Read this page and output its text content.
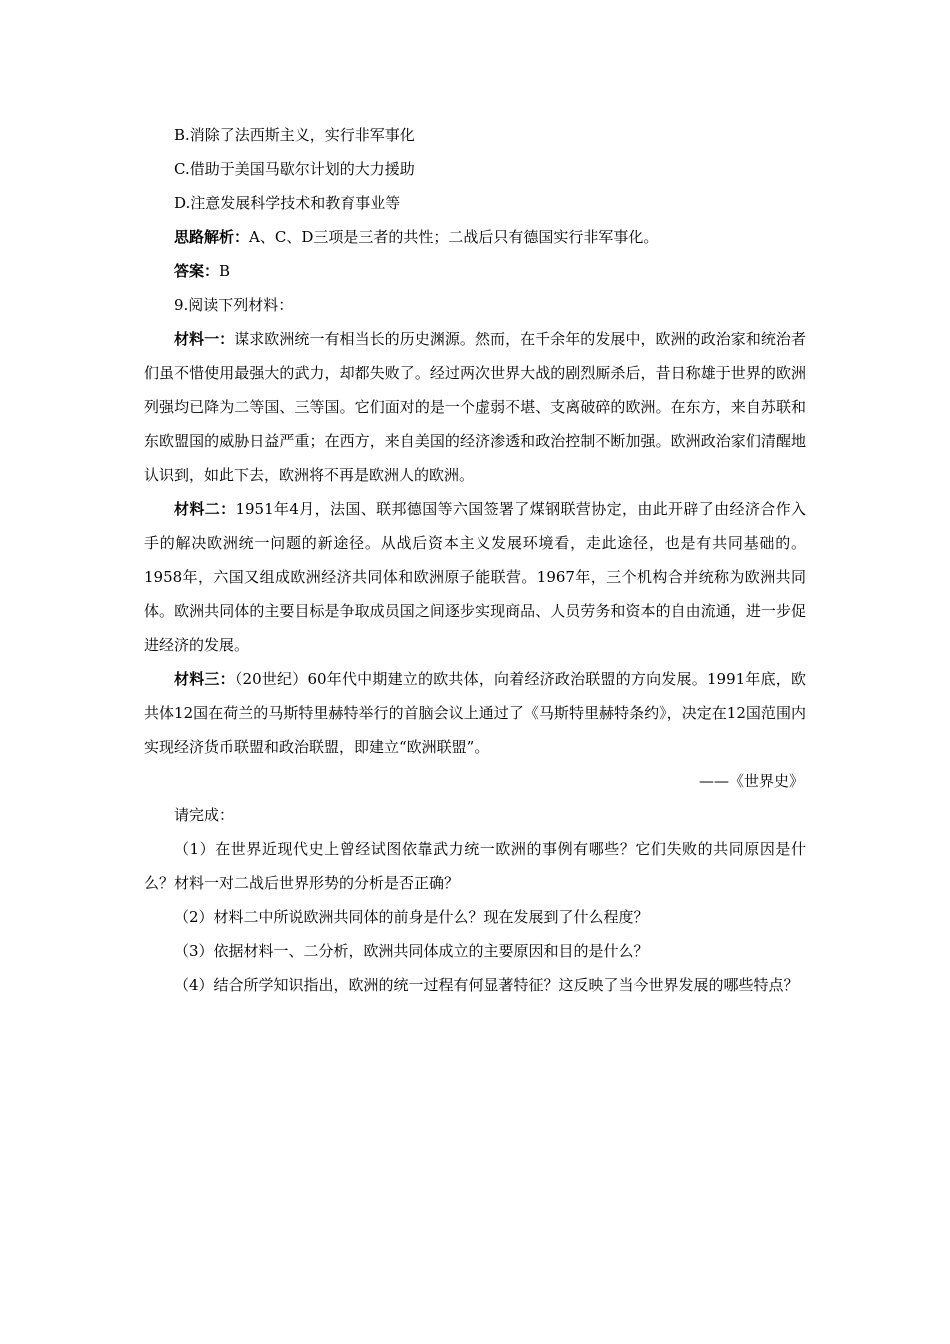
B.消除了法西斯主义，实行非军事化
C.借助于美国马歇尔计划的大力援助
D.注意发展科学技术和教育事业等
思路解析：A、C、D三项是三者的共性；二战后只有德国实行非军事化。
答案：B
9.阅读下列材料：

材料一：谋求欧洲统一有相当长的历史渊源。然而，在千余年的发展中，欧洲的政治家和统治者们虽不惜使用最强大的武力，却都失败了。经过两次世界大战的剧烈厮杀后，昔日称雄于世界的欧洲列强均已降为二等国、三等国。它们面对的是一个虚弱不堪、支离破碎的欧洲。在东方，来自苏联和东欧盟国的威胁日益严重；在西方，来自美国的经济渗透和政治控制不断加强。欧洲政治家们清醒地认识到，如此下去，欧洲将不再是欧洲人的欧洲。

材料二：1951年4月，法国、联邦德国等六国签署了煤钢联营协定，由此开辟了由经济合作入手的解决欧洲统一问题的新途径。从战后资本主义发展环境看，走此途径，也是有共同基础的。1958年，六国又组成欧洲经济共同体和欧洲原子能联营。1967年，三个机构合并统称为欧洲共同体。欧洲共同体的主要目标是争取成员国之间逐步实现商品、人员劳务和资本的自由流通，进一步促进经济的发展。

材料三：（20世纪）60年代中期建立的欧共体，向着经济政治联盟的方向发展。1991年底，欧共体12国在荷兰的马斯特里赫特举行的首脑会议上通过了《马斯特里赫特条约》，决定在12国范围内实现经济货币联盟和政治联盟，即建立“欧洲联盟”。

——《世界史》
请完成：

（1）在世界近现代史上曾经试图依靠武力统一欧洲的事例有哪些？它们失败的共同原因是什么？材料一对二战后世界形势的分析是否正确？

（2）材料二中所说欧洲共同体的前身是什么？现在发展到了什么程度？

（3）依据材料一、二分析，欧洲共同体成立的主要原因和目的是什么？

（4）结合所学知识指出，欧洲的统一过程有何显著特征？这反映了当今世界发展的哪些特点？
